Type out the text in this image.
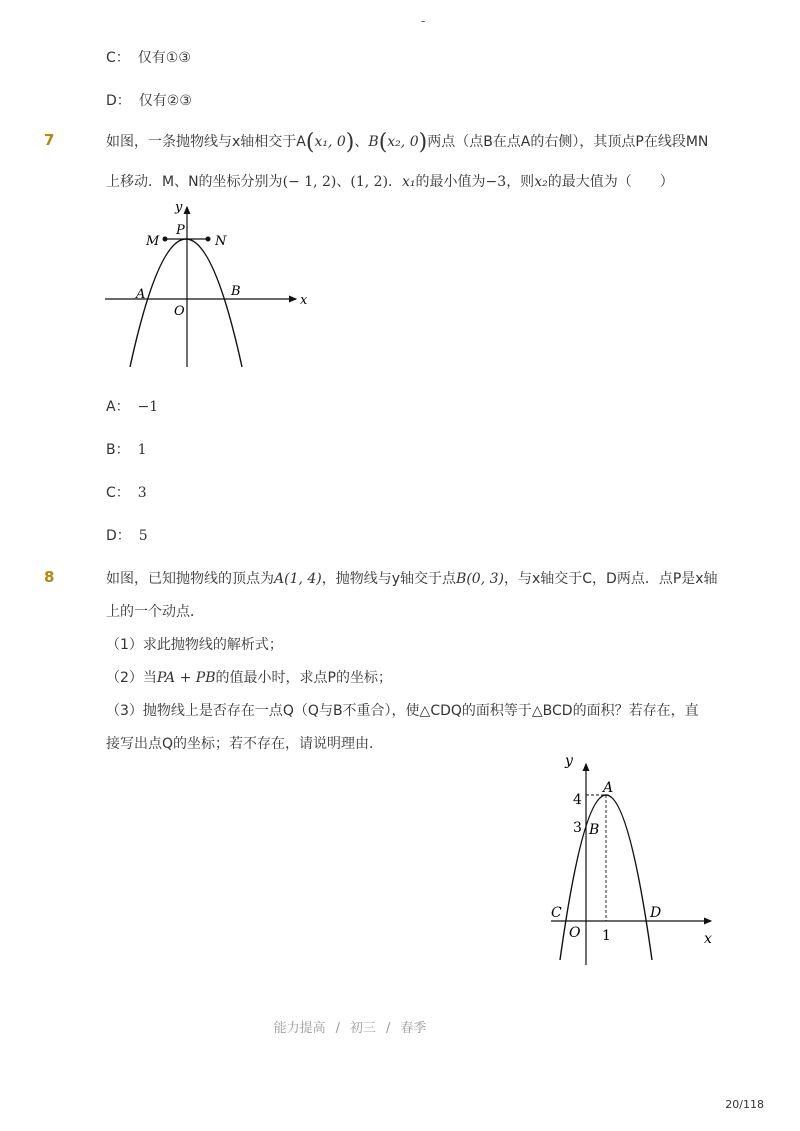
-
C： 仅有①③
D： 仅有②③
7	如图，一条抛物线与x轴相交于A(x₁, 0)、B(x₂, 0)两点（点B在点A的右侧），其顶点P在线段MN
上移动．M、N的坐标分别为(− 1, 2)、(1, 2)．x₁的最小值为−3，则x₂的最大值为（　　）
y
P
M	N
A	B
O
x
A： −1
B： 1
C： 3
D： 5
8	如图，已知抛物线的顶点为A(1, 4)，抛物线与y轴交于点B(0, 3)，与x轴交于C，D两点．点P是x轴
上的一个动点．
（1）求此抛物线的解析式；
（2）当PA + PB的值最小时，求点P的坐标；
（3）抛物线上是否存在一点Q（Q与B不重合），使△CDQ的面积等于△BCD的面积？若存在，直
接写出点Q的坐标；若不存在，请说明理由．
y
A
4
3 B
C	D
O 1	x
能力提高 / 初三 / 春季
20/118
